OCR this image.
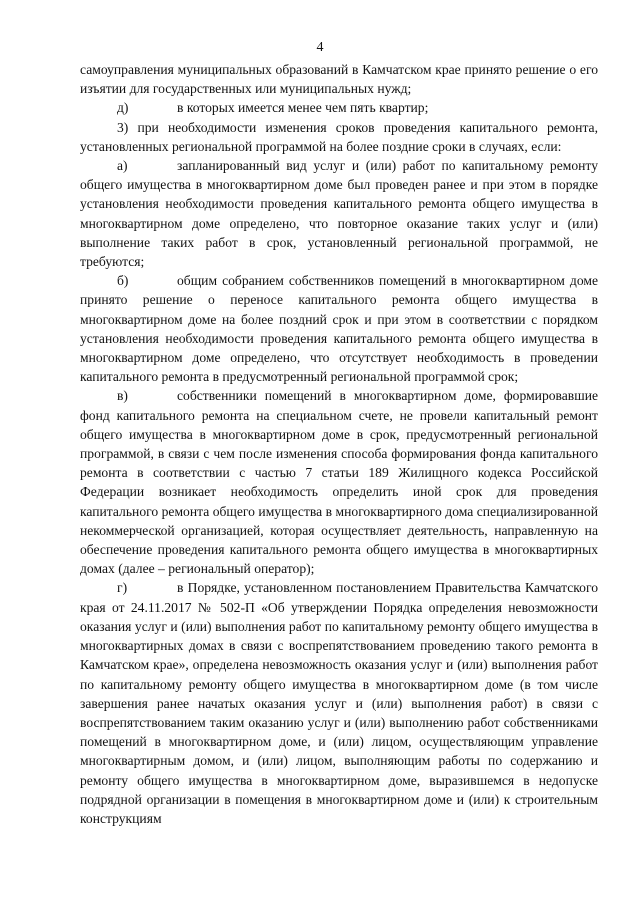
4

самоуправления муниципальных образований в Камчатском крае принято решение о его изъятии для государственных или муниципальных нужд;

д)	в которых имеется менее чем пять квартир;

3) при необходимости изменения сроков проведения капитального ремонта, установленных региональной программой на более поздние сроки в случаях, если:

а)	запланированный вид услуг и (или) работ по капитальному ремонту общего имущества в многоквартирном доме был проведен ранее и при этом в порядке установления необходимости проведения капитального ремонта общего имущества в многоквартирном доме определено, что повторное оказание таких услуг и (или) выполнение таких работ в срок, установленный региональной программой, не требуются;

б)	общим собранием собственников помещений в многоквартирном доме принято решение о переносе капитального ремонта общего имущества в многоквартирном доме на более поздний срок и при этом в соответствии с порядком установления необходимости проведения капитального ремонта общего имущества в многоквартирном доме определено, что отсутствует необходимость в проведении капитального ремонта в предусмотренный региональной программой срок;

в)	собственники помещений в многоквартирном доме, формировавшие фонд капитального ремонта на специальном счете, не провели капитальный ремонт общего имущества в многоквартирном доме в срок, предусмотренный региональной программой, в связи с чем после изменения способа формирования фонда капитального ремонта в соответствии с частью 7 статьи 189 Жилищного кодекса Российской Федерации возникает необходимость определить иной срок для проведения капитального ремонта общего имущества в многоквартирного дома специализированной некоммерческой организацией, которая осуществляет деятельность, направленную на обеспечение проведения капитального ремонта общего имущества в многоквартирных домах (далее – региональный оператор);

г)	в Порядке, установленном постановлением Правительства Камчатского края от 24.11.2017 № 502-П «Об утверждении Порядка определения невозможности оказания услуг и (или) выполнения работ по капитальному ремонту общего имущества в многоквартирных домах в связи с воспрепятствованием проведению такого ремонта в Камчатском крае», определена невозможность оказания услуг и (или) выполнения работ по капитальному ремонту общего имущества в многоквартирном доме (в том числе завершения ранее начатых оказания услуг и (или) выполнения работ) в связи с воспрепятствованием таким оказанию услуг и (или) выполнению работ собственниками помещений в многоквартирном доме, и (или) лицом, осуществляющим управление многоквартирным домом, и (или) лицом, выполняющим работы по содержанию и ремонту общего имущества в многоквартирном доме, выразившемся в недопуске подрядной организации в помещения в многоквартирном доме и (или) к строительным конструкциям
